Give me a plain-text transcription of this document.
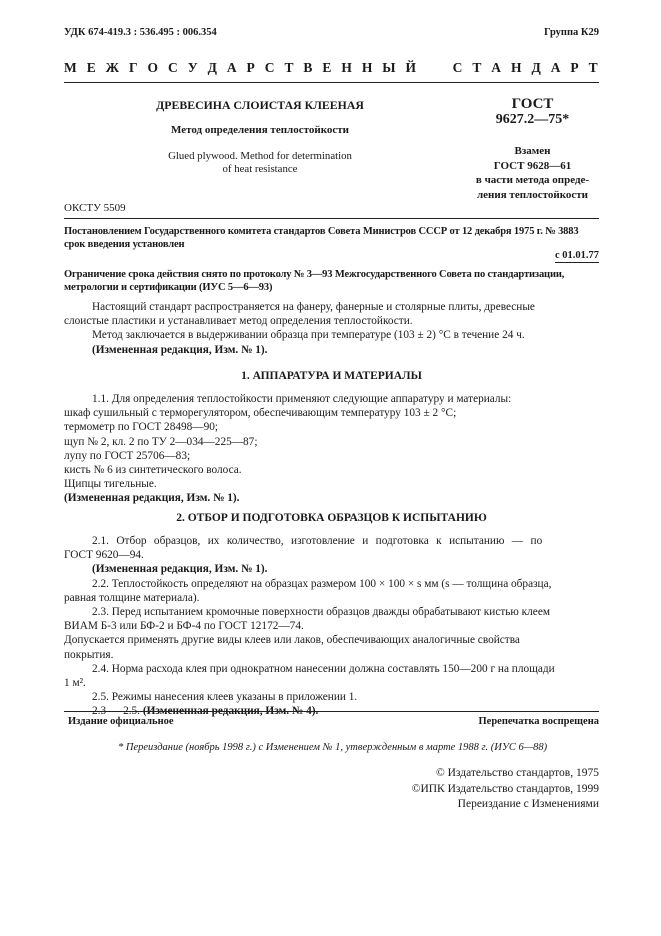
УДК 674-419.3 : 536.495 : 006.354	Группа К29
М Е Ж Г О С У Д А Р С Т В Е Н Н Ы Й

	С Т А Н Д А Р Т
ДРЕВЕСИНА СЛОИСТАЯ КЛЕЕНАЯ
Метод определения теплостойкости
Glued plywood. Method for determination
of heat resistance
ГОСТ
9627.2—75*
Взамен
ГОСТ 9628—61
в части метода опреде-
ления теплостойкости
ОКСТУ 5509
Постановлением Государственного комитета стандартов Совета Министров СССР от 12 декабря 1975 г. № 3883
срок введения установлен
с 01.01.77
Ограничение срока действия снято по протоколу № 3—93 Межгосударственного Совета по стандартизации,
метрологии и сертификации (ИУС 5—6—93)
Настоящий стандарт распространяется на фанеру, фанерные и столярные плиты, древесные
слоистые пластики и устанавливает метод определения теплостойкости.
Метод заключается в выдерживании образца при температуре (103 ± 2) °С в течение 24 ч.
(Измененная редакция, Изм. № 1).
1. АППАРАТУРА И МАТЕРИАЛЫ
1.1. Для определения теплостойкости применяют следующие аппаратуру и материалы:
шкаф сушильный с терморегулятором, обеспечивающим температуру 103 ± 2 °С;
термометр по ГОСТ 28498—90;
щуп № 2, кл. 2 по ТУ 2—034—225—87;
лупу по ГОСТ 25706—83;
кисть № 6 из синтетического волоса.
Щипцы тигельные.
(Измененная редакция, Изм. № 1).
2. ОТБОР И ПОДГОТОВКА ОБРАЗЦОВ К ИСПЫТАНИЮ
2.1. Отбор образцов, их количество, изготовление и подготовка к испытанию — по
ГОСТ 9620—94.
(Измененная редакция, Изм. № 1).
2.2. Теплостойкость определяют на образцах размером 100 × 100 × s мм (s — толщина образца,
равная толщине материала).
2.3. Перед испытанием кромочные поверхности образцов дважды обрабатывают кистью клеем
ВИАМ Б-3 или БФ-2 и БФ-4 по ГОСТ 12172—74.
Допускается применять другие виды клеев или лаков, обеспечивающих аналогичные свойства
покрытия.
2.4. Норма расхода клея при однократном нанесении должна составлять 150—200 г на площади
1 м².
2.5. Режимы нанесения клеев указаны в приложении 1.
2.3 — 2.5. (Измененная редакция, Изм. № 4).
Издание официальное	Перепечатка воспрещена
* Переиздание (ноябрь 1998 г.) с Изменением № 1, утвержденным в марте 1988 г. (ИУС 6—88)
© Издательство стандартов, 1975
©ИПК Издательство стандартов, 1999
Переиздание с Изменениями
